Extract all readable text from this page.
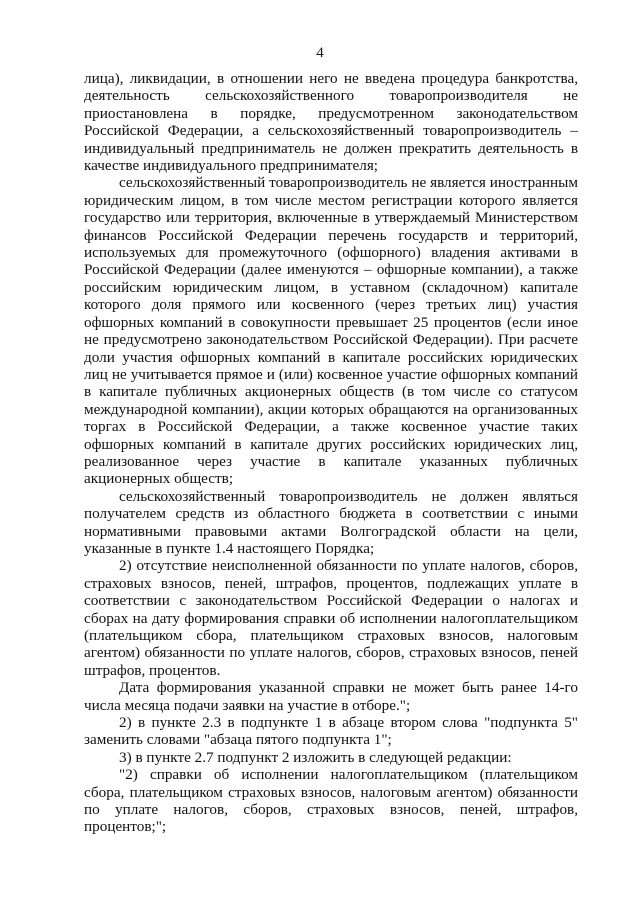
4

лица), ликвидации, в отношении него не введена процедура банкротства, деятельность сельскохозяйственного товаропроизводителя не приостановлена в порядке, предусмотренном законодательством Российской Федерации, а сельскохозяйственный товаропроизводитель – индивидуальный предприниматель не должен прекратить деятельность в качестве индивидуального предпринимателя;

сельскохозяйственный товаропроизводитель не является иностранным юридическим лицом, в том числе местом регистрации которого является государство или территория, включенные в утверждаемый Министерством финансов Российской Федерации перечень государств и территорий, используемых для промежуточного (офшорного) владения активами в Российской Федерации (далее именуются – офшорные компании), а также российским юридическим лицом, в уставном (складочном) капитале которого доля прямого или косвенного (через третьих лиц) участия офшорных компаний в совокупности превышает 25 процентов (если иное не предусмотрено законодательством Российской Федерации). При расчете доли участия офшорных компаний в капитале российских юридических лиц не учитывается прямое и (или) косвенное участие офшорных компаний в капитале публичных акционерных обществ (в том числе со статусом международной компании), акции которых обращаются на организованных торгах в Российской Федерации, а также косвенное участие таких офшорных компаний в капитале других российских юридических лиц, реализованное через участие в капитале указанных публичных акционерных обществ;

сельскохозяйственный товаропроизводитель не должен являться получателем средств из областного бюджета в соответствии с иными нормативными правовыми актами Волгоградской области на цели, указанные в пункте 1.4 настоящего Порядка;

2) отсутствие неисполненной обязанности по уплате налогов, сборов, страховых взносов, пеней, штрафов, процентов, подлежащих уплате в соответствии с законодательством Российской Федерации о налогах и сборах на дату формирования справки об исполнении налогоплательщиком (плательщиком сбора, плательщиком страховых взносов, налоговым агентом) обязанности по уплате налогов, сборов, страховых взносов, пеней штрафов, процентов.

Дата формирования указанной справки не может быть ранее 14-го числа месяца подачи заявки на участие в отборе.";

2) в пункте 2.3 в подпункте 1 в абзаце втором слова "подпункта 5" заменить словами "абзаца пятого подпункта 1";

3) в пункте 2.7 подпункт 2 изложить в следующей редакции:

"2) справки об исполнении налогоплательщиком (плательщиком сбора, плательщиком страховых взносов, налоговым агентом) обязанности по уплате налогов, сборов, страховых взносов, пеней, штрафов, процентов;";
